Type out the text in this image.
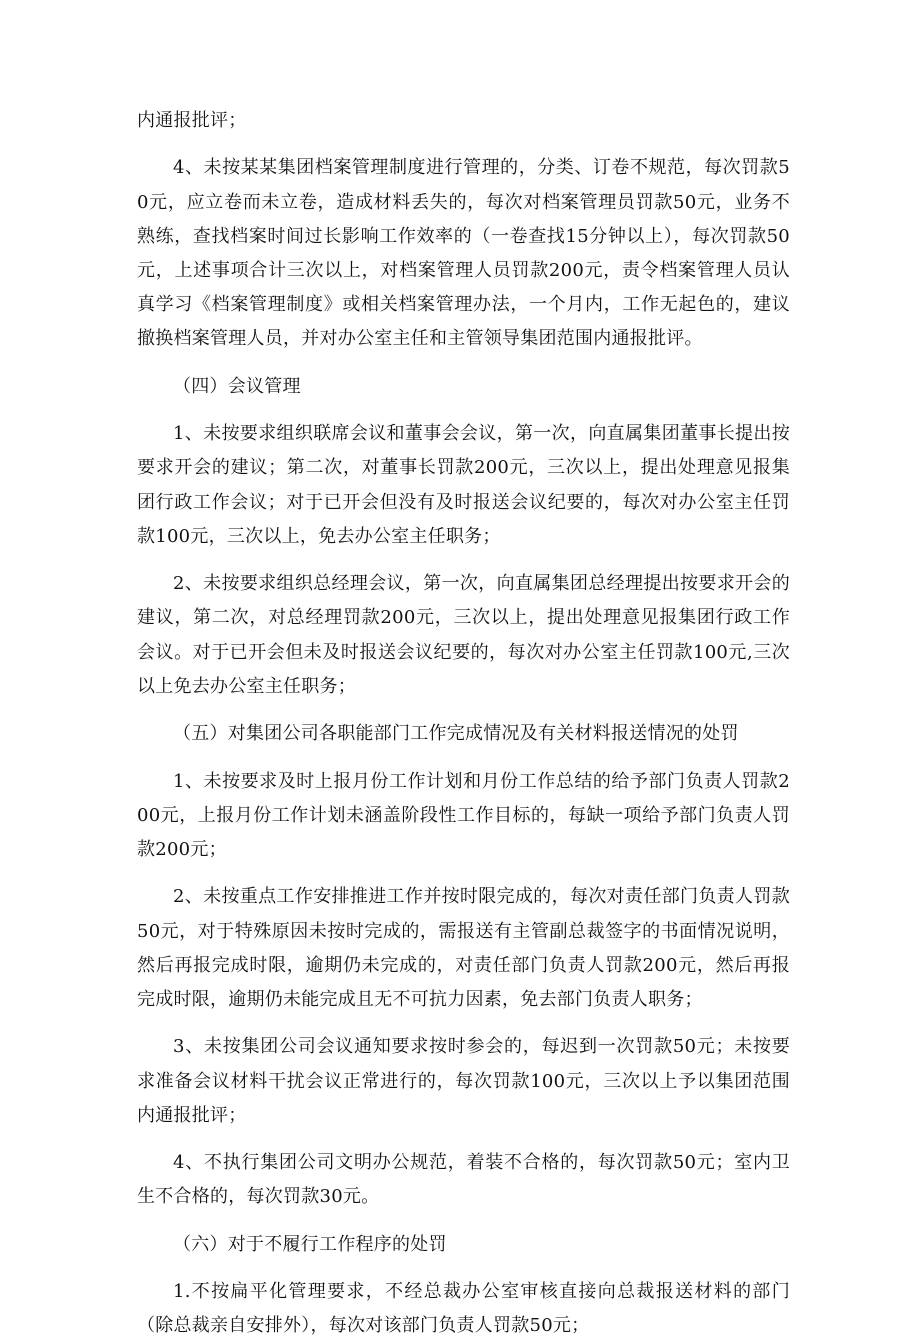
内通报批评；

4、未按某某集团档案管理制度进行管理的，分类、订卷不规范，每次罚款50元，应立卷而未立卷，造成材料丢失的，每次对档案管理员罚款50元，业务不熟练，查找档案时间过长影响工作效率的（一卷查找15分钟以上），每次罚款50元，上述事项合计三次以上，对档案管理人员罚款200元，责令档案管理人员认真学习《档案管理制度》或相关档案管理办法，一个月内，工作无起色的，建议撤换档案管理人员，并对办公室主任和主管领导集团范围内通报批评。

（四）会议管理

1、未按要求组织联席会议和董事会会议，第一次，向直属集团董事长提出按要求开会的建议；第二次，对董事长罚款200元，三次以上，提出处理意见报集团行政工作会议；对于已开会但没有及时报送会议纪要的，每次对办公室主任罚款100元，三次以上，免去办公室主任职务；

2、未按要求组织总经理会议，第一次，向直属集团总经理提出按要求开会的建议，第二次，对总经理罚款200元，三次以上，提出处理意见报集团行政工作会议。对于已开会但未及时报送会议纪要的，每次对办公室主任罚款100元,三次以上免去办公室主任职务；

（五）对集团公司各职能部门工作完成情况及有关材料报送情况的处罚

1、未按要求及时上报月份工作计划和月份工作总结的给予部门负责人罚款200元，上报月份工作计划未涵盖阶段性工作目标的，每缺一项给予部门负责人罚款200元；

2、未按重点工作安排推进工作并按时限完成的，每次对责任部门负责人罚款50元，对于特殊原因未按时完成的，需报送有主管副总裁签字的书面情况说明，然后再报完成时限，逾期仍未完成的，对责任部门负责人罚款200元，然后再报完成时限，逾期仍未能完成且无不可抗力因素，免去部门负责人职务；

3、未按集团公司会议通知要求按时参会的，每迟到一次罚款50元；未按要求准备会议材料干扰会议正常进行的，每次罚款100元，三次以上予以集团范围内通报批评；

4、不执行集团公司文明办公规范，着装不合格的，每次罚款50元；室内卫生不合格的，每次罚款30元。

（六）对于不履行工作程序的处罚

1.不按扁平化管理要求，不经总裁办公室审核直接向总裁报送材料的部门（除总裁亲自安排外），每次对该部门负责人罚款50元；
